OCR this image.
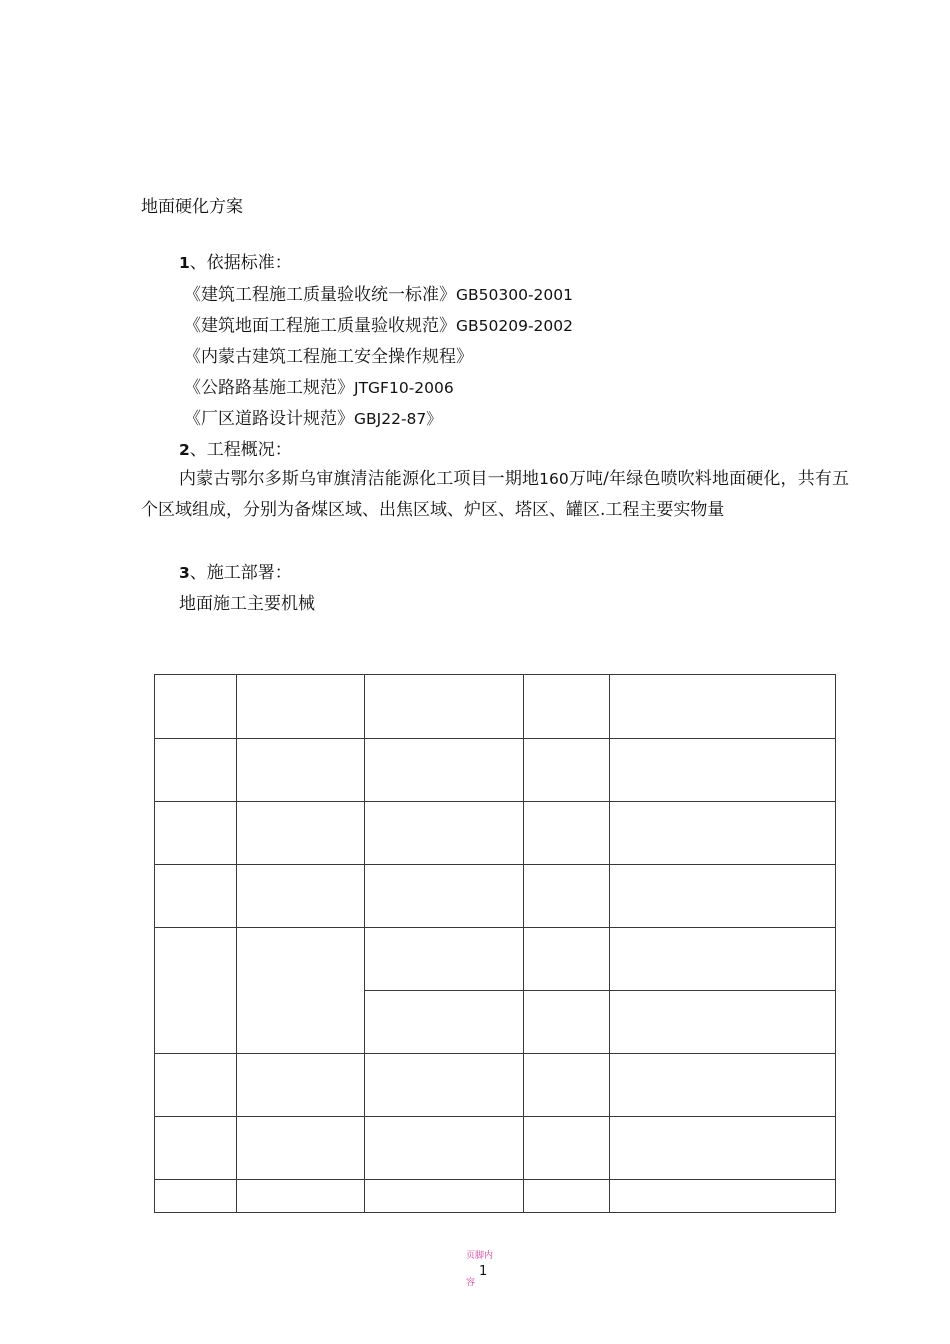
地面硬化方案
1、依据标准：
《建筑工程施工质量验收统一标准》GB50300-2001
《建筑地面工程施工质量验收规范》GB50209-2002
《内蒙古建筑工程施工安全操作规程》
《公路路基施工规范》JTGF10-2006
《厂区道路设计规范》GBJ22-87》
2、工程概况：
内蒙古鄂尔多斯乌审旗清洁能源化工项目一期地160万吨/年绿色喷吹料地面硬化，共有五个区域组成，分别为备煤区域、出焦区域、炉区、塔区、罐区.工程主要实物量
3、施工部署：
地面施工主要机械
页脚内
1
容
